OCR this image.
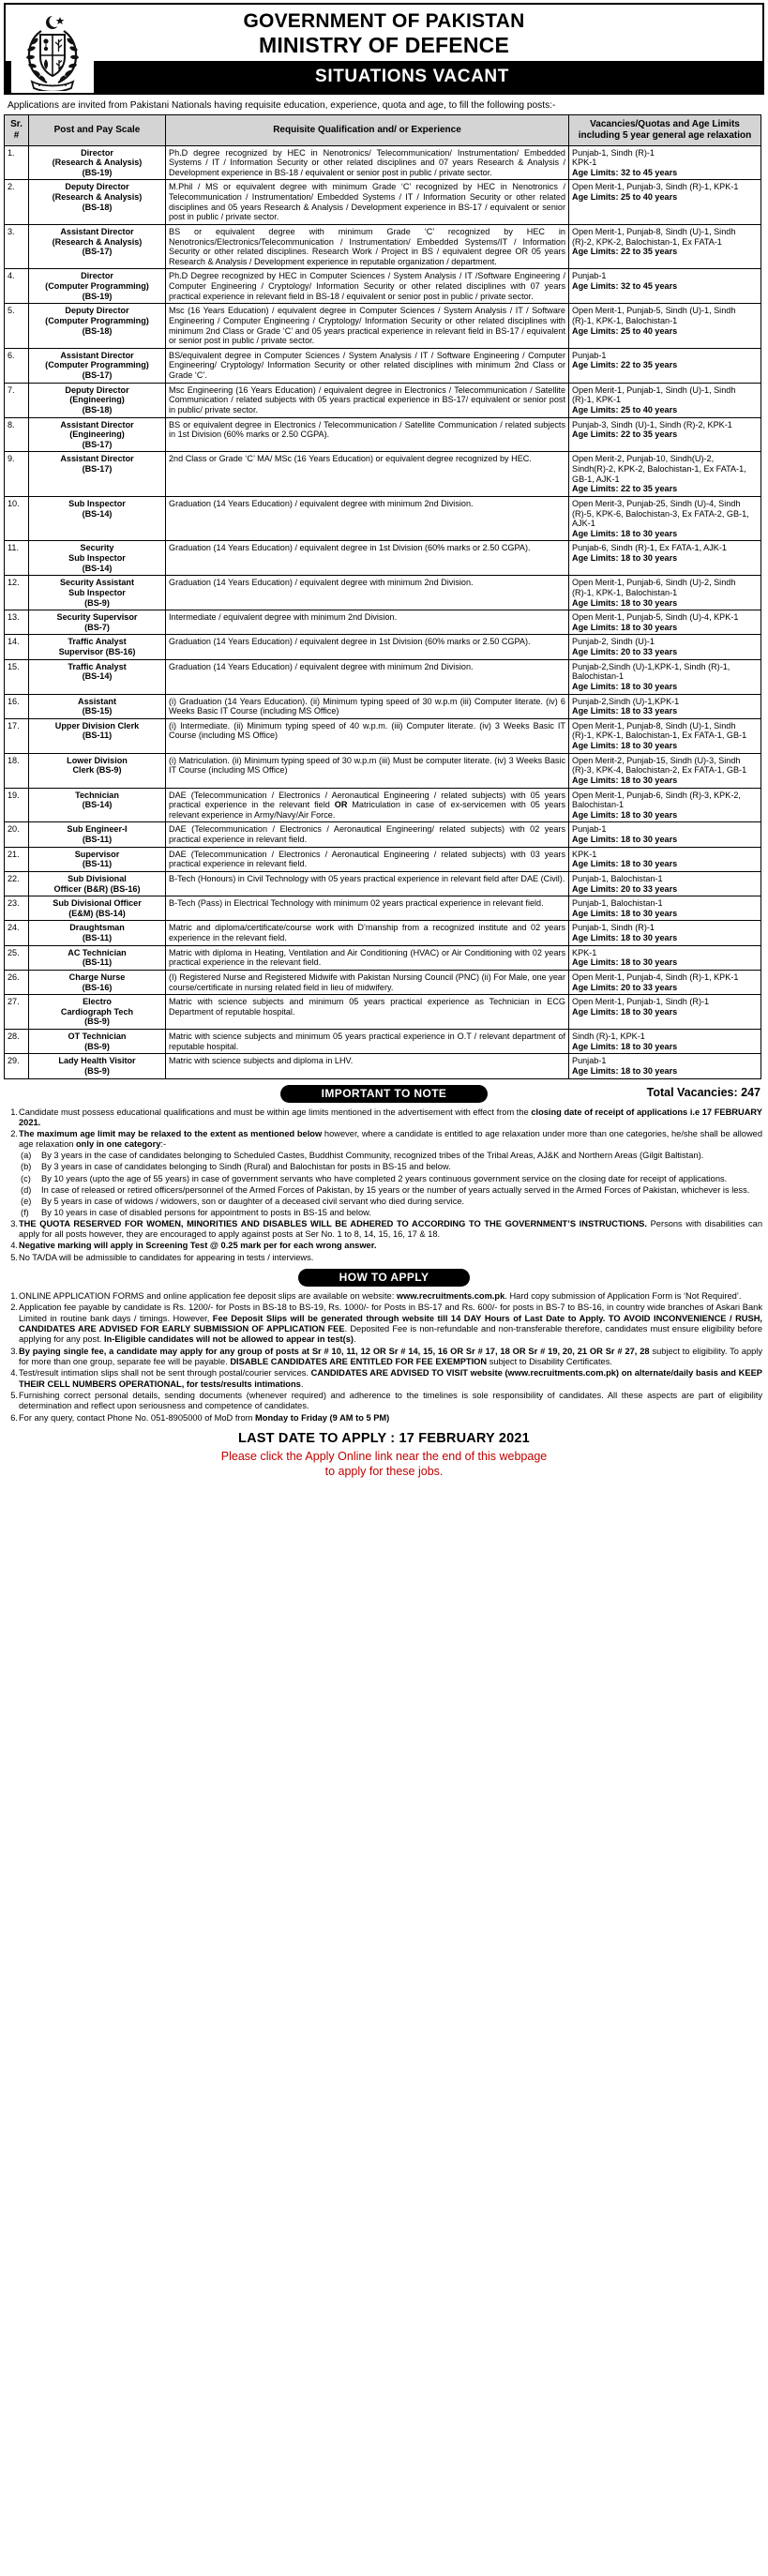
GOVERNMENT OF PAKISTAN
MINISTRY OF DEFENCE
SITUATIONS VACANT
Applications are invited from Pakistani Nationals having requisite education, experience, quota and age, to fill the following posts:-
Sr. #	Post and Pay Scale	Requisite Qualification and/ or Experience	Vacancies/Quotas and Age Limits including 5 year general age relaxation
1.	Director
(Research & Analysis)
(BS-19)	Ph.D degree recognized by HEC in Nenotronics/ Telecommunication/ Instrumentation/ Embedded Systems / IT / Information Security or other related disciplines and 07 years Research & Analysis / Development experience in BS-18 / equivalent or senior post in public / private sector.	Punjab-1, Sindh (R)-1
KPK-1
Age Limits: 32 to 45 years

2.	Deputy Director
(Research & Analysis)
(BS-18)	M.Phil / MS or equivalent degree with minimum Grade ‘C’ recognized by HEC in Nenotronics / Telecommunication / Instrumentation/ Embedded Systems / IT / Information Security or other related disciplines and 05 years Research & Analysis / Development experience in BS-17 / equivalent or senior post in public / private sector.	Open Merit-1, Punjab-3, Sindh (R)-1, KPK-1
Age Limits: 25 to 40 years

3.	Assistant Director
(Research & Analysis)
(BS-17)	BS or equivalent degree with minimum Grade ‘C’ recognized by HEC in Nenotronics/Electronics/Telecommunication / Instrumentation/ Embedded Systems/IT / Information Security or other related disciplines. Research Work / Project in BS / equivalent degree OR 05 years Research & Analysis / Development experience in reputable organization / department.	Open Merit-1, Punjab-8, Sindh (U)-1, Sindh (R)-2, KPK-2, Balochistan-1, Ex FATA-1
Age Limits: 22 to 35 years

4.	Director
(Computer Programming)
(BS-19)	Ph.D Degree recognized by HEC in Computer Sciences / System Analysis / IT /Software Engineering / Computer Engineering / Cryptology/ Information Security or other related disciplines with 07 years practical experience in relevant field in BS-18 / equivalent or senior post in public / private sector.	Punjab-1
Age Limits: 32 to 45 years

5.	Deputy Director
(Computer Programming)
(BS-18)	Msc (16 Years Education) / equivalent degree in Computer Sciences / System Analysis / IT / Software Engineering / Computer Engineering / Cryptology/ Information Security or other related disciplines with minimum 2nd Class or Grade ‘C’ and 05 years practical experience in relevant field in BS-17 / equivalent or senior post in public / private sector.	Open Merit-1, Punjab-5, Sindh (U)-1, Sindh (R)-1, KPK-1, Balochistan-1
Age Limits: 25 to 40 years

6.	Assistant Director
(Computer Programming)
(BS-17)	BS/equivalent degree in Computer Sciences / System Analysis / IT / Software Engineering / Computer Engineering/ Cryptology/ Information Security or other related disciplines with minimum 2nd Class or Grade ‘C’.	Punjab-1
Age Limits: 22 to 35 years

7.	Deputy Director
(Engineering)
(BS-18)	Msc Engineering (16 Years Education) / equivalent degree in Electronics / Telecommunication / Satellite Communication / related subjects with 05 years practical experience in BS-17/ equivalent or senior post in public/ private sector.	Open Merit-1, Punjab-1, Sindh (U)-1, Sindh (R)-1, KPK-1
Age Limits: 25 to 40 years

8.	Assistant Director
(Engineering)
(BS-17)	BS or equivalent degree in Electronics / Telecommunication / Satellite Communication / related subjects in 1st Division (60% marks or 2.50 CGPA).	Punjab-3, Sindh (U)-1, Sindh (R)-2, KPK-1
Age Limits: 22 to 35 years

9.	Assistant Director
(BS-17)	2nd Class or Grade ‘C’ MA/ MSc (16 Years Education) or equivalent degree recognized by HEC.	Open Merit-2, Punjab-10, Sindh(U)-2, Sindh(R)-2, KPK-2, Balochistan-1, Ex FATA-1, GB-1, AJK-1
Age Limits: 22 to 35 years

10.	Sub Inspector
(BS-14)	Graduation (14 Years Education) / equivalent degree with minimum 2nd Division.	Open Merit-3, Punjab-25, Sindh (U)-4, Sindh (R)-5, KPK-6, Balochistan-3, Ex FATA-2, GB-1, AJK-1
Age Limits: 18 to 30 years

11.	Security
Sub Inspector
(BS-14)	Graduation (14 Years Education) / equivalent degree in 1st Division (60% marks or 2.50 CGPA).	Punjab-6, Sindh (R)-1, Ex FATA-1, AJK-1
Age Limits: 18 to 30 years

12.	Security Assistant
Sub Inspector
(BS-9)	Graduation (14 Years Education) / equivalent degree with minimum 2nd Division.	Open Merit-1, Punjab-6, Sindh (U)-2, Sindh (R)-1, KPK-1, Balochistan-1
Age Limits: 18 to 30 years

13.	Security Supervisor
(BS-7)	Intermediate / equivalent degree with minimum 2nd Division.	Open Merit-1, Punjab-5, Sindh (U)-4, KPK-1
Age Limits: 18 to 30 years

14.	Traffic Analyst
Supervisor (BS-16)	Graduation (14 Years Education) / equivalent degree in 1st Division (60% marks or 2.50 CGPA).	Punjab-2, Sindh (U)-1
Age Limits: 20 to 33 years

15.	Traffic Analyst
(BS-14)	Graduation (14 Years Education) / equivalent degree with minimum 2nd Division.	Punjab-2,Sindh (U)-1,KPK-1, Sindh (R)-1, Balochistan-1
Age Limits: 18 to 30 years

16.	Assistant
(BS-15)	(i) Graduation (14 Years Education). (ii) Minimum typing speed of 30 w.p.m (iii) Computer literate. (iv) 6 Weeks Basic IT Course (including MS Office)	Punjab-2,Sindh (U)-1,KPK-1
Age Limits: 18 to 33 years

17.	Upper Division Clerk
(BS-11)	(i) Intermediate. (ii) Minimum typing speed of 40 w.p.m. (iii) Computer literate. (iv) 3 Weeks Basic IT Course (including MS Office)	Open Merit-1, Punjab-8, Sindh (U)-1, Sindh (R)-1, KPK-1, Balochistan-1, Ex FATA-1, GB-1
Age Limits: 18 to 30 years

18.	Lower Division
Clerk (BS-9)	(i) Matriculation. (ii) Minimum typing speed of 30 w.p.m (iii) Must be computer literate. (iv) 3 Weeks Basic IT Course (including MS Office)	Open Merit-2, Punjab-15, Sindh (U)-3, Sindh (R)-3, KPK-4, Balochistan-2, Ex FATA-1, GB-1
Age Limits: 18 to 30 years

19.	Technician
(BS-14)	DAE (Telecommunication / Electronics / Aeronautical Engineering / related subjects) with 05 years practical experience in the relevant field OR Matriculation in case of ex-servicemen with 05 years relevant experience in Army/Navy/Air Force.	Open Merit-1, Punjab-6, Sindh (R)-3, KPK-2, Balochistan-1
Age Limits: 18 to 30 years

20.	Sub Engineer-I
(BS-11)	DAE (Telecommunication / Electronics / Aeronautical Engineering/ related subjects) with 02 years practical experience in relevant field.	Punjab-1
Age Limits: 18 to 30 years

21.	Supervisor
(BS-11)	DAE (Telecommunication / Electronics / Aeronautical Engineering / related subjects) with 03 years practical experience in relevant field.	KPK-1
Age Limits: 18 to 30 years

22.	Sub Divisional
Officer (B&R) (BS-16)	B-Tech (Honours) in Civil Technology with 05 years practical experience in relevant field after DAE (Civil).	Punjab-1, Balochistan-1
Age Limits: 20 to 33 years

23.	Sub Divisional Officer
(E&M) (BS-14)	B-Tech (Pass) in Electrical Technology with minimum 02 years practical experience in relevant field.	Punjab-1, Balochistan-1
Age Limits: 18 to 30 years

24.	Draughtsman
(BS-11)	Matric and diploma/certificate/course work with D’manship from a recognized institute and 02 years experience in the relevant field.	Punjab-1, Sindh (R)-1
Age Limits: 18 to 30 years

25.	AC Technician
(BS-11)	Matric with diploma in Heating, Ventilation and Air Conditioning (HVAC) or Air Conditioning with 02 years practical experience in the relevant field.	KPK-1
Age Limits: 18 to 30 years

26.	Charge Nurse
(BS-16)	(I) Registered Nurse and Registered Midwife with Pakistan Nursing Council (PNC) (ii) For Male, one year course/certificate in nursing related field in lieu of midwifery.	Open Merit-1, Punjab-4, Sindh (R)-1, KPK-1
Age Limits: 20 to 33 years

27.	Electro
Cardiograph Tech
(BS-9)	Matric with science subjects and minimum 05 years practical experience as Technician in ECG Department of reputable hospital.	Open Merit-1, Punjab-1, Sindh (R)-1
Age Limits: 18 to 30 years

28.	OT Technician
(BS-9)	Matric with science subjects and minimum 05 years practical experience in O.T / relevant department of reputable hospital.	Sindh (R)-1, KPK-1
Age Limits: 18 to 30 years

29.	Lady Health Visitor
(BS-9)	Matric with science subjects and diploma in LHV.	Punjab-1
Age Limits: 18 to 30 years
IMPORTANT TO NOTE	Total Vacancies: 247
1. Candidate must possess educational qualifications and must be within age limits mentioned in the advertisement with effect from the closing date of receipt of applications i.e 17 FEBRUARY 2021.
2. The maximum age limit may be relaxed to the extent as mentioned below however, where a candidate is entitled to age relaxation under more than one categories, he/she shall be allowed age relaxation only in one category:-
(a)	By 3 years in the case of candidates belonging to Scheduled Castes, Buddhist Community, recognized tribes of the Tribal Areas, AJ&K and Northern Areas (Gilgit Baltistan).
(b)	By 3 years in case of candidates belonging to Sindh (Rural) and Balochistan for posts in BS-15 and below.
(c)	By 10 years (upto the age of 55 years) in case of government servants who have completed 2 years continuous government service on the closing date for receipt of applications.
(d)	In case of released or retired officers/personnel of the Armed Forces of Pakistan, by 15 years or the number of years actually served in the Armed Forces of Pakistan, whichever is less.
(e)	By 5 years in case of widows / widowers, son or daughter of a deceased civil servant who died during service.
(f)	By 10 years in case of disabled persons for appointment to posts in BS-15 and below.
3. THE QUOTA RESERVED FOR WOMEN, MINORITIES AND DISABLES WILL BE ADHERED TO ACCORDING TO THE GOVERNMENT’S INSTRUCTIONS. Persons with disabilities can apply for all posts however, they are encouraged to apply against posts at Ser No. 1 to 8, 14, 15, 16, 17 & 18.
4. Negative marking will apply in Screening Test @ 0.25 mark per for each wrong answer.
5. No TA/DA will be admissible to candidates for appearing in tests / interviews.
HOW TO APPLY
1. ONLINE APPLICATION FORMS and online application fee deposit slips are available on website: www.recruitments.com.pk. Hard copy submission of Application Form is ‘Not Required’.
2. Application fee payable by candidate is Rs. 1200/- for Posts in BS-18 to BS-19, Rs. 1000/- for Posts in BS-17 and Rs. 600/- for posts in BS-7 to BS-16, in country wide branches of Askari Bank Limited in routine bank days / timings. However, Fee Deposit Slips will be generated through website till 14 DAY Hours of Last Date to Apply. TO AVOID INCONVENIENCE / RUSH, CANDIDATES ARE ADVISED FOR EARLY SUBMISSION OF APPLICATION FEE. Deposited Fee is non-refundable and non-transferable therefore, candidates must ensure eligibility before applying for any post. In-Eligible candidates will not be allowed to appear in test(s).
3. By paying single fee, a candidate may apply for any group of posts at Sr # 10, 11, 12 OR Sr # 14, 15, 16 OR Sr # 17, 18 OR Sr # 19, 20, 21 OR Sr # 27, 28 subject to eligibility. To apply for more than one group, separate fee will be payable. DISABLE CANDIDATES ARE ENTITLED FOR FEE EXEMPTION subject to Disability Certificates.
4. Test/result intimation slips shall not be sent through postal/courier services. CANDIDATES ARE ADVISED TO VISIT website (www.recruitments.com.pk) on alternate/daily basis and KEEP THEIR CELL NUMBERS OPERATIONAL, for tests/results intimations.
5. Furnishing correct personal details, sending documents (whenever required) and adherence to the timelines is sole responsibility of candidates. All these aspects are part of eligibility determination and reflect upon seriousness and competence of candidates.
6. For any query, contact Phone No. 051-8905000 of MoD from Monday to Friday (9 AM to 5 PM)
LAST DATE TO APPLY : 17 FEBRUARY 2021
Please click the Apply Online link near the end of this webpage
to apply for these jobs.
